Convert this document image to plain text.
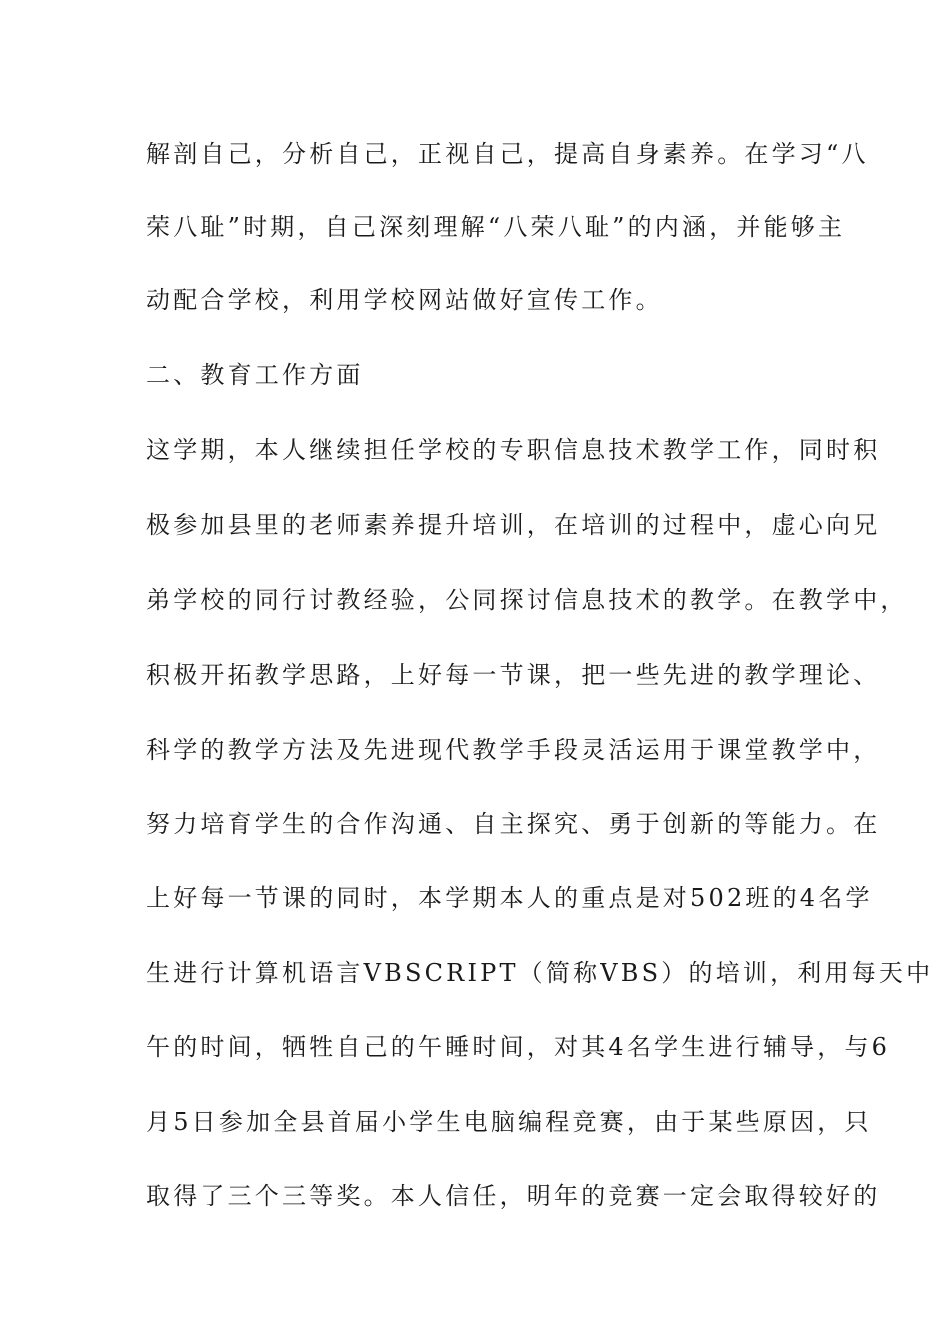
解剖自己，分析自己，正视自己，提高自身素养。在学习“八
荣八耻”时期，自己深刻理解“八荣八耻”的内涵，并能够主
动配合学校，利用学校网站做好宣传工作。
二、教育工作方面
这学期，本人继续担任学校的专职信息技术教学工作，同时积
极参加县里的老师素养提升培训，在培训的过程中，虚心向兄
弟学校的同行讨教经验，公同探讨信息技术的教学。在教学中，
积极开拓教学思路，上好每一节课，把一些先进的教学理论、
科学的教学方法及先进现代教学手段灵活运用于课堂教学中，
努力培育学生的合作沟通、自主探究、勇于创新的等能力。在
上好每一节课的同时，本学期本人的重点是对502班的4名学
生进行计算机语言VBSCRIPT（简称VBS）的培训，利用每天中
午的时间，牺牲自己的午睡时间，对其4名学生进行辅导，与6
月5日参加全县首届小学生电脑编程竞赛，由于某些原因，只
取得了三个三等奖。本人信任，明年的竞赛一定会取得较好的
